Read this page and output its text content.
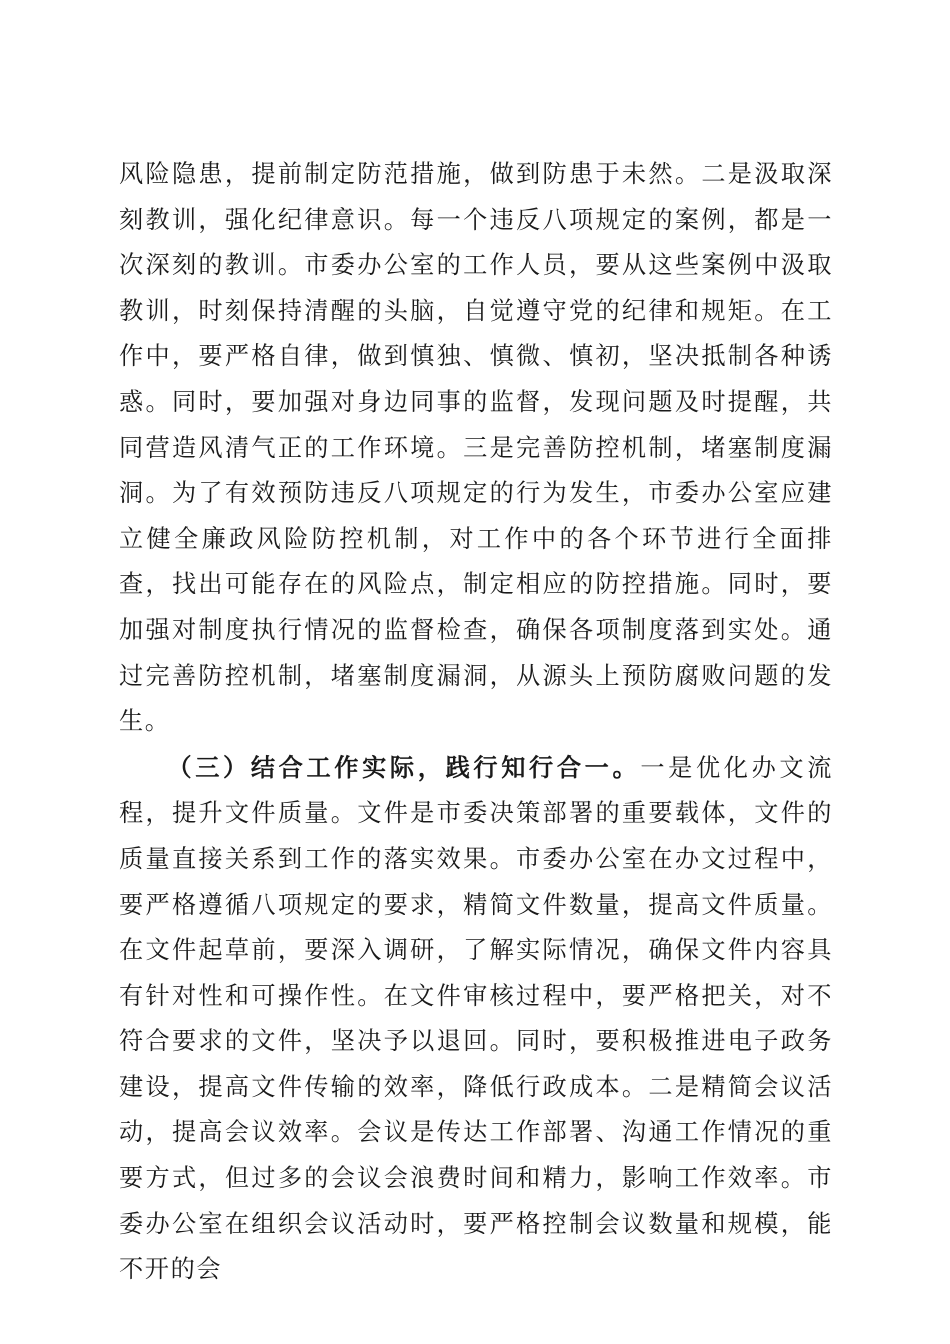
风险隐患，提前制定防范措施，做到防患于未然。二是汲取深刻教训，强化纪律意识。每一个违反八项规定的案例，都是一次深刻的教训。市委办公室的工作人员，要从这些案例中汲取教训，时刻保持清醒的头脑，自觉遵守党的纪律和规矩。在工作中，要严格自律，做到慎独、慎微、慎初，坚决抵制各种诱惑。同时，要加强对身边同事的监督，发现问题及时提醒，共同营造风清气正的工作环境。三是完善防控机制，堵塞制度漏洞。为了有效预防违反八项规定的行为发生，市委办公室应建立健全廉政风险防控机制，对工作中的各个环节进行全面排查，找出可能存在的风险点，制定相应的防控措施。同时，要加强对制度执行情况的监督检查，确保各项制度落到实处。通过完善防控机制，堵塞制度漏洞，从源头上预防腐败问题的发生。

（三）结合工作实际，践行知行合一。一是优化办文流程，提升文件质量。文件是市委决策部署的重要载体，文件的质量直接关系到工作的落实效果。市委办公室在办文过程中，要严格遵循八项规定的要求，精简文件数量，提高文件质量。在文件起草前，要深入调研，了解实际情况，确保文件内容具有针对性和可操作性。在文件审核过程中，要严格把关，对不符合要求的文件，坚决予以退回。同时，要积极推进电子政务建设，提高文件传输的效率，降低行政成本。二是精简会议活动，提高会议效率。会议是传达工作部署、沟通工作情况的重要方式，但过多的会议会浪费时间和精力，影响工作效率。市委办公室在组织会议活动时，要严格控制会议数量和规模，能不开的会
